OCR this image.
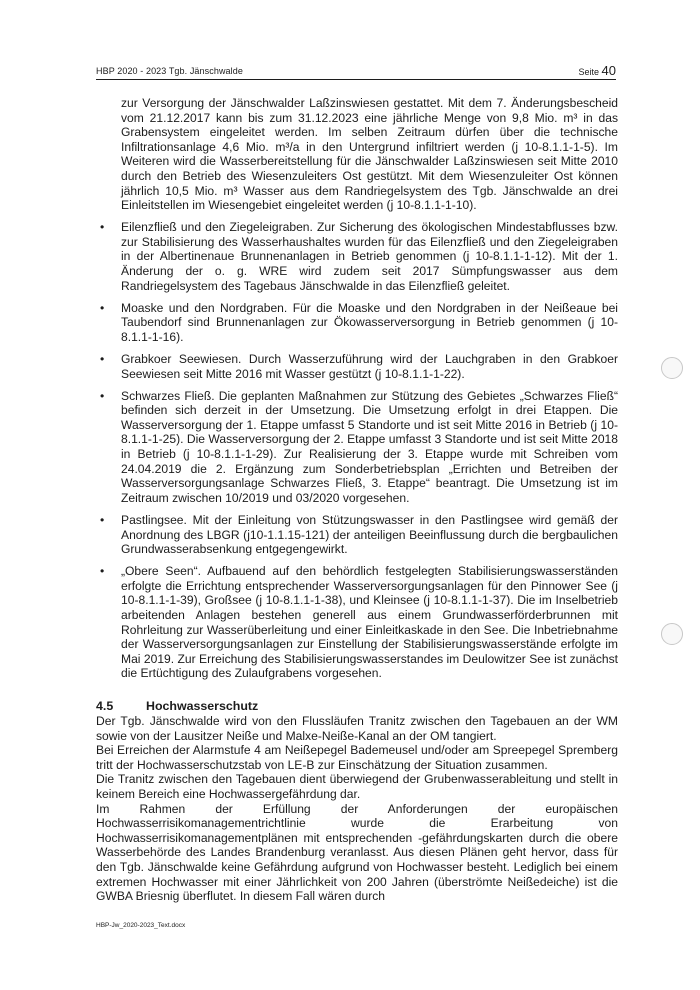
HBP 2020 - 2023 Tgb. Jänschwalde	Seite 40

zur Versorgung der Jänschwalder Laßzinswiesen gestattet. Mit dem 7. Änderungsbescheid vom 21.12.2017 kann bis zum 31.12.2023 eine jährliche Menge von 9,8 Mio. m³ in das Grabensystem eingeleitet werden. Im selben Zeitraum dürfen über die technische Infiltrationsanlage 4,6 Mio. m³/a in den Untergrund infiltriert werden (j 10-8.1.1-1-5). Im Weiteren wird die Wasserbereitstellung für die Jänschwalder Laßzinswiesen seit Mitte 2010 durch den Betrieb des Wiesenzuleiters Ost gestützt. Mit dem Wiesenzuleiter Ost können jährlich 10,5 Mio. m³ Wasser aus dem Randriegelsystem des Tgb. Jänschwalde an drei Einleitstellen im Wiesengebiet eingeleitet werden (j 10-8.1.1-1-10).

• Eilenzfließ und den Ziegeleigraben. Zur Sicherung des ökologischen Mindestabflusses bzw. zur Stabilisierung des Wasserhaushaltes wurden für das Eilenzfließ und den Ziegeleigraben in der Albertinenaue Brunnenanlagen in Betrieb genommen (j 10-8.1.1-1-12). Mit der 1. Änderung der o. g. WRE wird zudem seit 2017 Sümpfungswasser aus dem Randriegelsystem des Tagebaus Jänschwalde in das Eilenzfließ geleitet.
• Moaske und den Nordgraben. Für die Moaske und den Nordgraben in der Neißeaue bei Taubendorf sind Brunnenanlagen zur Ökowasserversorgung in Betrieb genommen (j 10-8.1.1-1-16).
• Grabkoer Seewiesen. Durch Wasserzuführung wird der Lauchgraben in den Grabkoer Seewiesen seit Mitte 2016 mit Wasser gestützt (j 10-8.1.1-1-22).
• Schwarzes Fließ. Die geplanten Maßnahmen zur Stützung des Gebietes „Schwarzes Fließ“ befinden sich derzeit in der Umsetzung. Die Umsetzung erfolgt in drei Etappen. Die Wasserversorgung der 1. Etappe umfasst 5 Standorte und ist seit Mitte 2016 in Betrieb (j 10-8.1.1-1-25). Die Wasserversorgung der 2. Etappe umfasst 3 Standorte und ist seit Mitte 2018 in Betrieb (j 10-8.1.1-1-29). Zur Realisierung der 3. Etappe wurde mit Schreiben vom 24.04.2019 die 2. Ergänzung zum Sonderbetriebsplan „Errichten und Betreiben der Wasserversorgungsanlage Schwarzes Fließ, 3. Etappe“ beantragt. Die Umsetzung ist im Zeitraum zwischen 10/2019 und 03/2020 vorgesehen.
• Pastlingsee. Mit der Einleitung von Stützungswasser in den Pastlingsee wird gemäß der Anordnung des LBGR (j10-1.1.15-121) der anteiligen Beeinflussung durch die bergbaulichen Grundwasserabsenkung entgegengewirkt.
• „Obere Seen“. Aufbauend auf den behördlich festgelegten Stabilisierungswasserständen erfolgte die Errichtung entsprechender Wasserversorgungsanlagen für den Pinnower See (j 10-8.1.1-1-39), Großsee (j 10-8.1.1-1-38), und Kleinsee (j 10-8.1.1-1-37). Die im Inselbetrieb arbeitenden Anlagen bestehen generell aus einem Grundwasserförderbrunnen mit Rohrleitung zur Wasserüberleitung und einer Einleitkaskade in den See. Die Inbetriebnahme der Wasserversorgungsanlagen zur Einstellung der Stabilisierungswasserstände erfolgte im Mai 2019. Zur Erreichung des Stabilisierungswasserstandes im Deulowitzer See ist zunächst die Ertüchtigung des Zulaufgrabens vorgesehen.
4.5	Hochwasserschutz

Der Tgb. Jänschwalde wird von den Flussläufen Tranitz zwischen den Tagebauen an der WM sowie von der Lausitzer Neiße und Malxe-Neiße-Kanal an der OM tangiert.

Bei Erreichen der Alarmstufe 4 am Neißepegel Bademeusel und/oder am Spreepegel Spremberg tritt der Hochwasserschutzstab von LE-B zur Einschätzung der Situation zusammen.

Die Tranitz zwischen den Tagebauen dient überwiegend der Grubenwasserableitung und stellt in keinem Bereich eine Hochwassergefährdung dar.

Im Rahmen der Erfüllung der Anforderungen der europäischen Hochwasserrisikomanagementrichtlinie wurde die Erarbeitung von Hochwasserrisikomanagementplänen mit entsprechenden -gefährdungskarten durch die obere Wasserbehörde des Landes Brandenburg veranlasst. Aus diesen Plänen geht hervor, dass für den Tgb. Jänschwalde keine Gefährdung aufgrund von Hochwasser besteht. Lediglich bei einem extremen Hochwasser mit einer Jährlichkeit von 200 Jahren (überströmte Neißedeiche) ist die GWBA Briesnig überflutet. In diesem Fall wären durch

HBP-Jw_2020-2023_Text.docx
